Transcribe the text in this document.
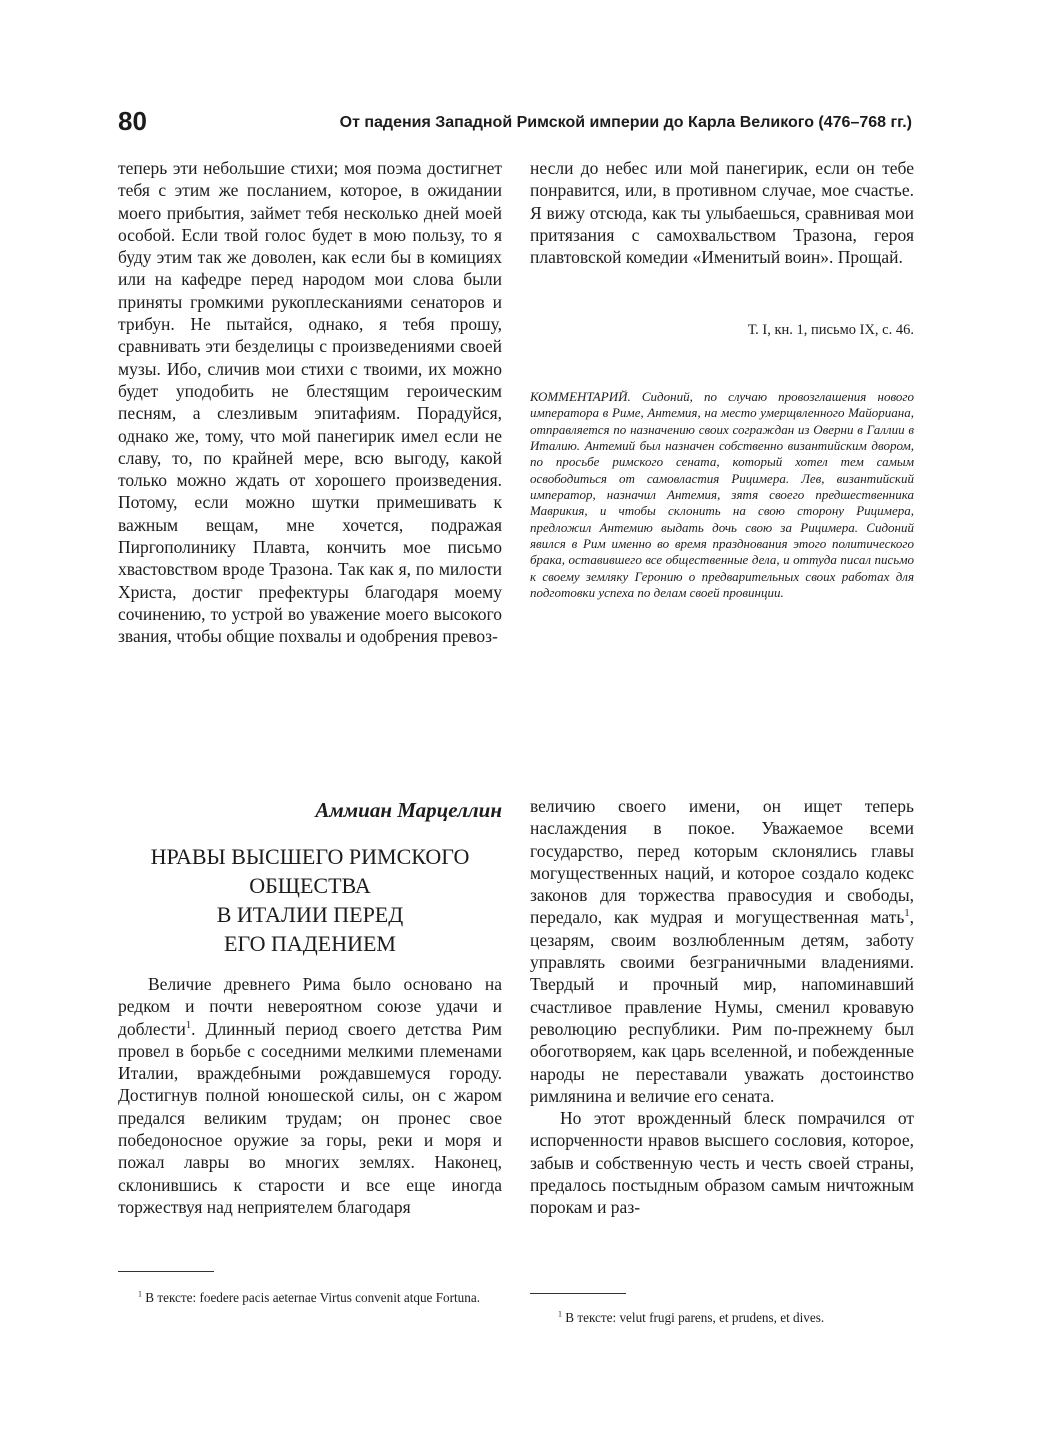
80	От падения Западной Римской империи до Карла Великого (476–768 гг.)

теперь эти небольшие стихи; моя поэма достигнет тебя с этим же посланием, которое, в ожидании моего прибытия, займет тебя несколько дней моей особой. Если твой голос будет в мою пользу, то я буду этим так же доволен, как если бы в комициях или на кафедре перед народом мои слова были приняты громкими рукоплесканиями сенаторов и трибун. Не пытайся, однако, я тебя прошу, сравнивать эти безделицы с произведениями своей музы. Ибо, сличив мои стихи с твоими, их можно будет уподобить не блестящим героическим песням, а слезливым эпитафиям. Порадуйся, однако же, тому, что мой панегирик имел если не славу, то, по крайней мере, всю выгоду, какой только можно ждать от хорошего произведения. Потому, если можно шутки примешивать к важным вещам, мне хочется, подражая Пиргополинику Плавта, кончить мое письмо хвастовством вроде Тразона. Так как я, по милости Христа, достиг префектуры благодаря моему сочинению, то устрой во уважение моего высокого звания, чтобы общие похвалы и одобрения превоз-

несли до небес или мой панегирик, если он тебе понравится, или, в противном случае, мое счастье. Я вижу отсюда, как ты улыбаешься, сравнивая мои притязания с самохвальством Тразона, героя плавтовской комедии «Именитый воин». Прощай.

Т. I, кн. 1, письмо IX, с. 46.

КОММЕНТАРИЙ. Сидоний, по случаю провозглашения нового императора в Риме, Антемия, на место умерщвленного Майориана, отправляется по назначению своих сограждан из Оверни в Галлии в Италию. Антемий был назначен собственно византийским двором, по просьбе римского сената, который хотел тем самым освободиться от самовластия Рицимера. Лев, византийский император, назначил Антемия, зятя своего предшественника Маврикия, и чтобы склонить на свою сторону Рицимера, предложил Антемию выдать дочь свою за Рицимера. Сидоний явился в Рим именно во время празднования этого политического брака, оставившего все общественные дела, и оттуда писал письмо к своему земляку Геронию о предварительных своих работах для подготовки успеха по делам своей провинции.

Аммиан Марцеллин
НРАВЫ ВЫСШЕГО РИМСКОГО
ОБЩЕСТВА
В ИТАЛИИ ПЕРЕД
ЕГО ПАДЕНИЕМ

Величие древнего Рима было основано на редком и почти невероятном союзе удачи и доблести$^1$. Длинный период своего детства Рим провел в борьбе с соседними мелкими племенами Италии, враждебными рождавшемуся городу. Достигнув полной юношеской силы, он с жаром предался великим трудам; он пронес свое победоносное оружие за горы, реки и моря и пожал лавры во многих землях. Наконец, склонившись к старости и все еще иногда торжествуя над неприятелем благодаря

величию своего имени, он ищет теперь наслаждения в покое. Уважаемое всеми государство, перед которым склонялись главы могущественных наций, и которое создало кодекс законов для торжества правосудия и свободы, передало, как мудрая и могущественная мать$^1$, цезарям, своим возлюбленным детям, заботу управлять своими безграничными владениями. Твердый и прочный мир, напоминавший счастливое правление Нумы, сменил кровавую революцию республики. Рим по-прежнему был обоготворяем, как царь вселенной, и побежденные народы не переставали уважать достоинство римлянина и величие его сената.

Но этот врожденный блеск помрачился от испорченности нравов высшего сословия, которое, забыв и собственную честь и честь своей страны, предалось постыдным образом самым ничтожным порокам и раз-

$^1$ В тексте: foedere pacis aeternae Virtus convenit atque Fortuna.
$^1$ В тексте: velut frugi parens, et prudens, et dives.
